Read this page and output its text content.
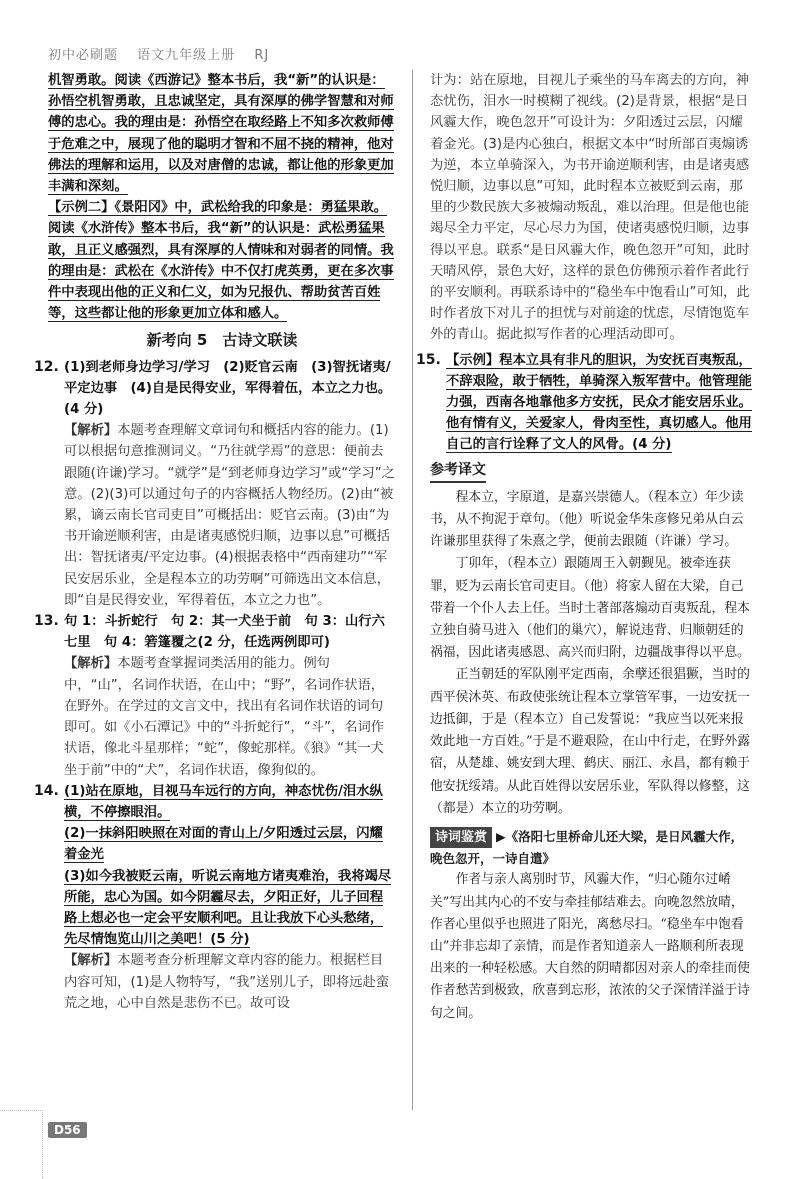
初中必刷题 语文九年级上册 RJ

机智勇敢。阅读《西游记》整本书后，我“新”的认识是：孙悟空机智勇敢，且忠诚坚定，具有深厚的佛学智慧和对师傅的忠心。我的理由是：孙悟空在取经路上不知多次救师傅于危难之中，展现了他的聪明才智和不屈不挠的精神，他对佛法的理解和运用，以及对唐僧的忠诚，都让他的形象更加丰满和深刻。

【示例二】《景阳冈》中，武松给我的印象是：勇猛果敢。阅读《水浒传》整本书后，我“新”的认识是：武松勇猛果敢，且正义感强烈，具有深厚的人情味和对弱者的同情。我的理由是：武松在《水浒传》中不仅打虎英勇，更在多次事件中表现出他的正义和仁义，如为兄报仇、帮助贫苦百姓等，这些都让他的形象更加立体和感人。

新考向 5　古诗文联读
12. (1)到老师身边学习/学习　(2)贬官云南　(3)智抚诸夷/平定边事　(4)自是民得安业，军得着伍，本立之力也。(4 分)

【解析】本题考查理解文章词句和概括内容的能力。(1)可以根据句意推测词义。“乃往就学焉”的意思：便前去跟随(许谦)学习。“就学”是“到老师身边学习”或“学习”之意。(2)(3)可以通过句子的内容概括人物经历。(2)由“被累，谪云南长官司吏目”可概括出：贬官云南。(3)由“为书开谕逆顺利害，由是诸夷感悦归顺，边事以息”可概括出：智抚诸夷/平定边事。(4)根据表格中“西南建功”“军民安居乐业，全是程本立的功劳啊”可筛选出文本信息，即“自是民得安业，军得着伍，本立之力也”。

13. 句 1：斗折蛇行　句 2：其一犬坐于前　句 3：山行六七里　句 4：箬篷覆之(2 分，任选两例即可)

【解析】本题考查掌握词类活用的能力。例句中，“山”，名词作状语，在山中；“野”，名词作状语，在野外。在学过的文言文中，找出有名词作状语的词句即可。如《小石潭记》中的“斗折蛇行”，“斗”，名词作状语，像北斗星那样；“蛇”，像蛇那样。《狼》“其一犬坐于前”中的“犬”，名词作状语，像狗似的。

14. (1)站在原地，目视马车远行的方向，神态忧伤/泪水纵横，不停擦眼泪。

(2)一抹斜阳映照在对面的青山上/夕阳透过云层，闪耀着金光

(3)如今我被贬云南，听说云南地方诸夷难治，我将竭尽所能，忠心为国。如今阴霾尽去，夕阳正好，儿子回程路上想必也一定会平安顺利吧。且让我放下心头愁绪，先尽情饱览山川之美吧！(5 分)

【解析】本题考查分析理解文章内容的能力。根据栏目内容可知，(1)是人物特写，“我”送别儿子，即将远赴蛮荒之地，心中自然是悲伤不已。故可设

计为：站在原地，目视儿子乘坐的马车离去的方向，神态忧伤，泪水一时模糊了视线。(2)是背景，根据“是日风霾大作，晚色忽开”可设计为：夕阳透过云层，闪耀着金光。(3)是内心独白，根据文本中“时所部百夷煽诱为逆，本立单骑深入，为书开谕逆顺利害，由是诸夷感悦归顺，边事以息”可知，此时程本立被贬到云南，那里的少数民族大多被煽动叛乱，难以治理。但是他也能竭尽全力平定，尽心尽力为国，使诸夷感悦归顺，边事得以平息。联系“是日风霾大作，晚色忽开”可知，此时天晴风停，景色大好，这样的景色仿佛预示着作者此行的平安顺利。再联系诗中的“稳坐车中饱看山”可知，此时作者放下对儿子的担忧与对前途的忧虑，尽情饱览车外的青山。据此拟写作者的心理活动即可。

15. 【示例】程本立具有非凡的胆识，为安抚百夷叛乱，不辞艰险，敢于牺牲，单骑深入叛军营中。他管理能力强，西南各地靠他多方安抚，民众才能安居乐业。他有情有义，关爱家人，骨肉至性，真切感人。他用自己的言行诠释了文人的风骨。(4 分)

参考译文

程本立，字原道，是嘉兴崇德人。（程本立）年少读书，从不拘泥于章句。（他）听说金华朱彦修兄弟从白云许谦那里获得了朱熹之学，便前去跟随（许谦）学习。

丁卯年，（程本立）跟随周王入朝觐见。被牵连获罪，贬为云南长官司吏目。（他）将家人留在大梁，自己带着一个仆人去上任。当时土著部落煽动百夷叛乱，程本立独自骑马进入（他们的巢穴），解说违背、归顺朝廷的祸福，因此诸夷感恩、高兴而归附，边疆战事得以平息。

正当朝廷的军队刚平定西南，余孽还很猖獗，当时的西平侯沐英、布政使张统让程本立掌管军事，一边安抚一边抵御，于是（程本立）自己发誓说：“我应当以死来报效此地一方百姓。”于是不避艰险，在山中行走，在野外露宿，从楚雄、姚安到大理、鹤庆、丽江、永昌，都有赖于他安抚绥靖。从此百姓得以安居乐业，军队得以修整，这（都是）本立的功劳啊。

诗词鉴赏 ▶《洛阳七里桥命儿还大梁，是日风霾大作，晚色忽开，一诗自遣》

作者与亲人离别时节，风霾大作，“归心随尔过崤关”写出其内心的不安与牵挂郁结难去。向晚忽然放晴，作者心里似乎也照进了阳光，离愁尽扫。“稳坐车中饱看山”并非忘却了亲情，而是作者知道亲人一路顺利所表现出来的一种轻松感。大自然的阴晴都因对亲人的牵挂而使作者愁苦到极致，欣喜到忘形，浓浓的父子深情洋溢于诗句之间。

D56
